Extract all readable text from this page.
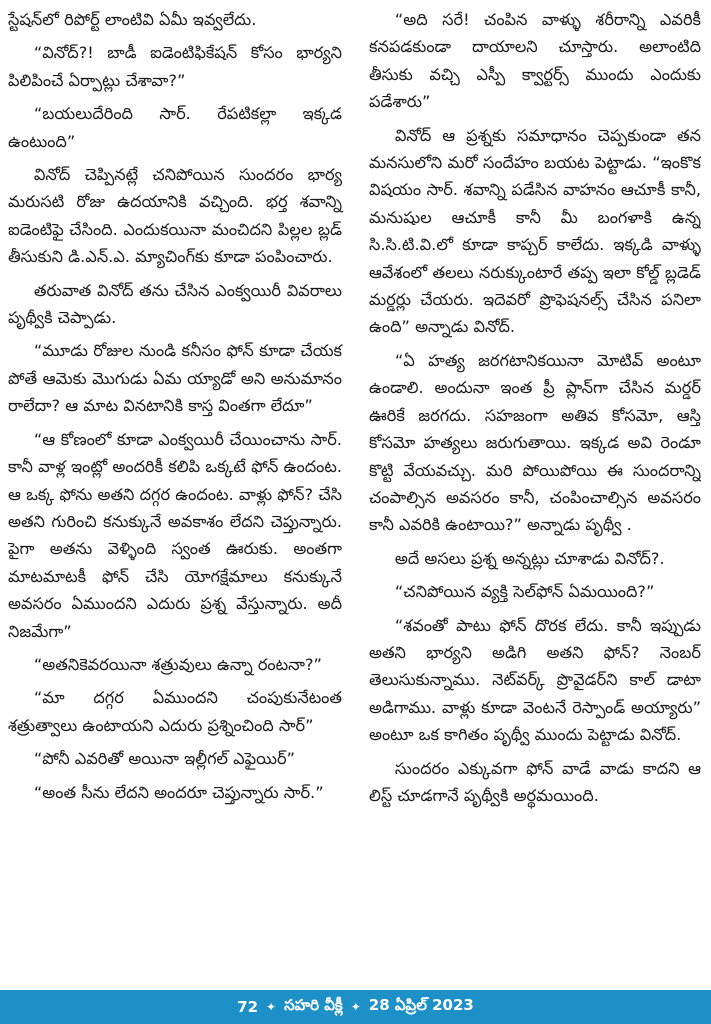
స్టేషన్‌లో రిపోర్ట్ లాంటివి ఏమీ ఇవ్వలేదు.

“వినోద్?! బాడీ ఐడెంటిఫికేషన్ కోసం భార్యని పిలిపించే ఏర్పాట్లు చేశావా?”

“బయలుదేరింది సార్. రేపటికల్లా ఇక్కడ ఉంటుంది”

వినోద్ చెప్పినట్లే చనిపోయిన సుందరం భార్య మరుసటి రోజు ఉదయానికి వచ్చింది. భర్త శవాన్ని ఐడెంటిఫై చేసింది. ఎందుకయినా మంచిదని పిల్లల బ్లడ్ తీసుకుని డి.ఎన్.ఎ. మ్యాచింగ్‌కు కూడా పంపించారు.

తరువాత వినోద్ తను చేసిన ఎంక్వయిరీ వివరాలు పృథ్వీకి చెప్పాడు.

“మూడు రోజుల నుండి కనీసం ఫోన్ కూడా చేయక పోతే ఆమెకు మొగుడు ఏమ య్యాడో అని అనుమానం రాలేదా? ఆ మాట వినటానికి కాస్త వింతగా లేదూ”

“ఆ కోణంలో కూడా ఎంక్వయిరీ చేయించాను సార్. కానీ వాళ్ల ఇంట్లో అందరికీ కలిపి ఒక్కటే ఫోన్ ఉందంట. ఆ ఒక్క ఫోను అతని దగ్గర ఉందంట. వాళ్లు ఫోన్? చేసి అతని గురించి కనుక్కునే అవకాశం లేదని చెప్తున్నారు. పైగా అతను వెళ్ళింది స్వంత ఊరుకు. అంతగా మాటమాటకీ ఫోన్ చేసి యోగక్షేమాలు కనుక్కునే అవసరం ఏముందని ఎదురు ప్రశ్న వేస్తున్నారు. అదీ నిజమేగా”

“అతనికెవరయినా శత్రువులు ఉన్నా రంటనా?”

“మా దగ్గర ఏముందని చంపుకునేటంత శత్రుత్వాలు ఉంటాయని ఎదురు ప్రశ్నించింది సార్”

“పోనీ ఎవరితో అయినా ఇల్లీగల్ ఎఫైయిర్”

“అంత సీను లేదని అందరూ చెప్తున్నారు సార్.”

“అది సరే! చంపిన వాళ్ళు శరీరాన్ని ఎవరికీ కనపడకుండా దాయాలని చూస్తారు. అలాంటిది తీసుకు వచ్చి ఎస్పీ క్వార్టర్స్ ముందు ఎందుకు పడేశారు”

వినోద్ ఆ ప్రశ్నకు సమాధానం చెప్పకుండా తన మనసులోని మరో సందేహం బయట పెట్టాడు. “ఇంకొక విషయం సార్. శవాన్ని పడేసిన వాహనం ఆచూకీ కానీ, మనుషుల ఆచూకీ కానీ మీ బంగళాకి ఉన్న సి.సి.టి.వి.లో కూడా కాప్చర్ కాలేదు. ఇక్కడి వాళ్ళు ఆవేశంలో తలలు నరుక్కుంటారే తప్ప ఇలా కోల్డ్ బ్లడెడ్ మర్డర్లు చేయరు. ఇదెవరో ప్రొఫెషనల్స్ చేసిన పనిలా ఉంది” అన్నాడు వినోద్.

“ఏ హత్య జరగటానికయినా మోటివ్ అంటూ ఉండాలి. అందునా ఇంత ప్రీ ప్లాన్‌గా చేసిన మర్డర్ ఊరికే జరగదు. సహజంగా అతివ కోసమో, ఆస్తి కోసమో హత్యలు జరుగుతాయి. ఇక్కడ అవి రెండూ కొట్టి వేయవచ్చు. మరి పోయిపోయి ఈ సుందరాన్ని చంపాల్సిన అవసరం కానీ, చంపించాల్సిన అవసరం కానీ ఎవరికి ఉంటాయి?” అన్నాడు పృథ్వీ .

అదే అసలు ప్రశ్న అన్నట్లు చూశాడు వినోద్?.

“చనిపోయిన వ్యక్తి సెల్‌ఫోన్ ఏమయింది?”

“శవంతో పాటు ఫోన్ దొరక లేదు. కానీ ఇప్పుడు అతని భార్యని అడిగి అతని ఫోన్? నెంబర్ తెలుసుకున్నాము. నెట్‌వర్క్ ప్రొవైడర్‌ని కాల్ డాటా అడిగాము. వాళ్లు కూడా వెంటనే రెస్పాండ్ అయ్యారు” అంటూ ఒక కాగితం పృథ్వీ ముందు పెట్టాడు వినోద్.

సుందరం ఎక్కువగా ఫోన్ వాడే వాడు కాదని ఆ లిస్ట్ చూడగానే పృథ్వీకి అర్థమయింది.

72 ✦ సహరి వీక్లీ ✦ 28 ఏప్రిల్ 2023
